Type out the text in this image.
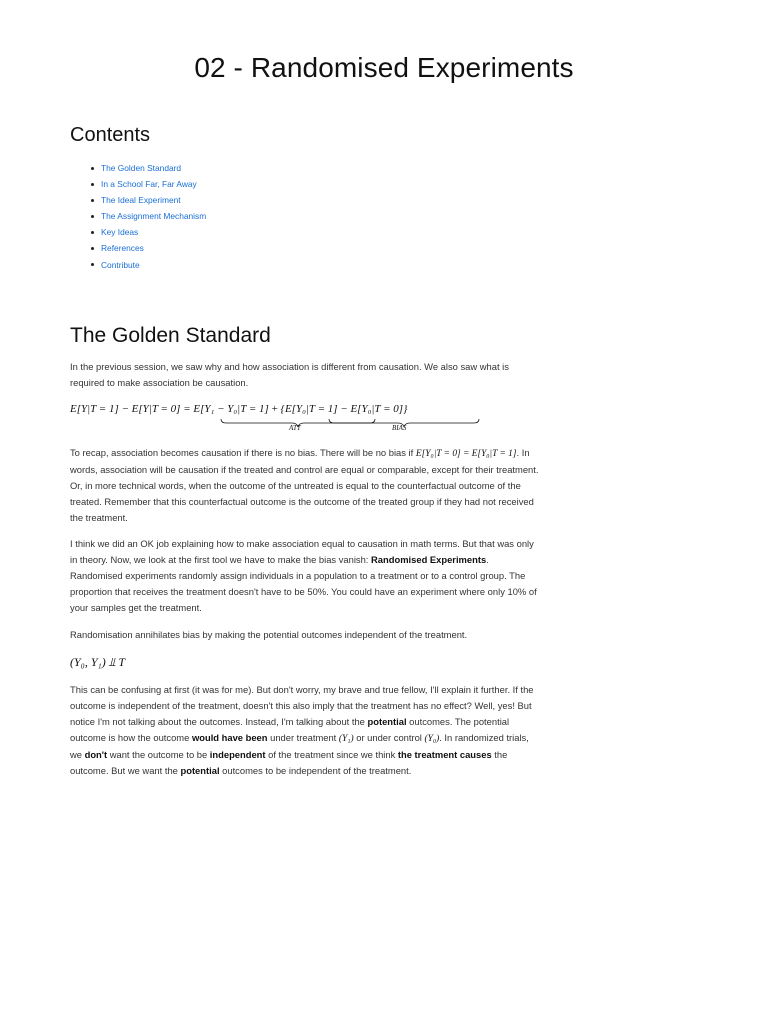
02 - Randomised Experiments
Contents
The Golden Standard
In a School Far, Far Away
The Ideal Experiment
The Assignment Mechanism
Key Ideas
References
Contribute
The Golden Standard

In the previous session, we saw why and how association is different from causation. We also saw what is required to make association be causation.

E[Y|T = 1] − E[Y|T = 0] = E[Y₁ − Y₀|T = 1] + {E[Y₀|T = 1] − E[Y₀|T = 0]}
ATT	BIAS

To recap, association becomes causation if there is no bias. There will be no bias if E[Y₀|T = 0] = E[Y₀|T = 1]. In words, association will be causation if the treated and control are equal or comparable, except for their treatment. Or, in more technical words, when the outcome of the untreated is equal to the counterfactual outcome of the treated. Remember that this counterfactual outcome is the outcome of the treated group if they had not received the treatment.

I think we did an OK job explaining how to make association equal to causation in math terms. But that was only in theory. Now, we look at the first tool we have to make the bias vanish: Randomised Experiments. Randomised experiments randomly assign individuals in a population to a treatment or to a control group. The proportion that receives the treatment doesn't have to be 50%. You could have an experiment where only 10% of your samples get the treatment.

Randomisation annihilates bias by making the potential outcomes independent of the treatment.

(Y₀, Y₁) ⫫ T

This can be confusing at first (it was for me). But don't worry, my brave and true fellow, I'll explain it further. If the outcome is independent of the treatment, doesn't this also imply that the treatment has no effect? Well, yes! But notice I'm not talking about the outcomes. Instead, I'm talking about the potential outcomes. The potential outcome is how the outcome would have been under treatment (Y₁) or under control (Y₀). In randomized trials, we don't want the outcome to be independent of the treatment since we think the treatment causes the outcome. But we want the potential outcomes to be independent of the treatment.
